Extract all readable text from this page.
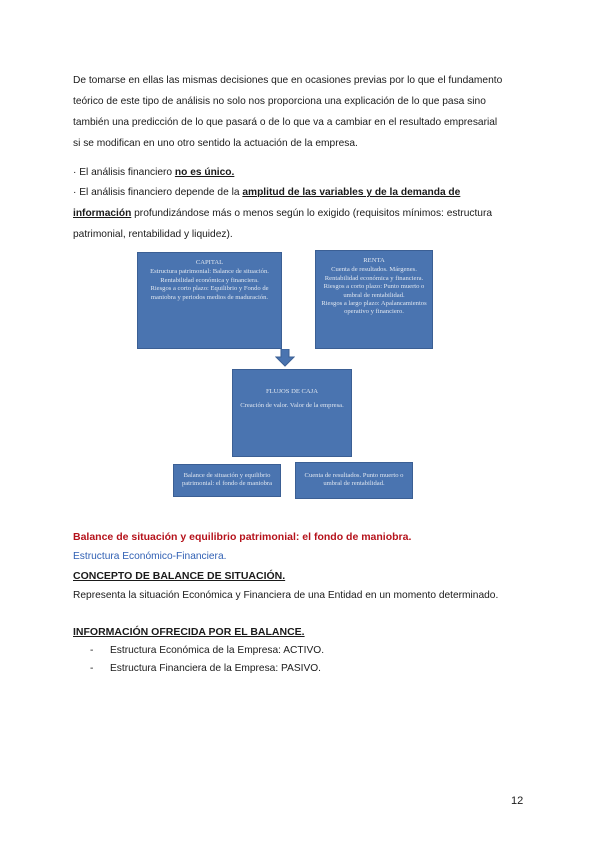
De tomarse en ellas las mismas decisiones que en ocasiones previas por lo que el fundamento
teórico de este tipo de análisis no solo nos proporciona una explicación de lo que pasa sino
también una predicción de lo que pasará o de lo que va a cambiar en el resultado empresarial
si se modifican en uno otro sentido la actuación de la empresa.
· El análisis financiero no es único.
· El análisis financiero depende de la amplitud de las variables y de la demanda de
información profundizándose más o menos según lo exigido (requisitos mínimos: estructura
patrimonial, rentabilidad y liquidez).
CAPITAL
Estructura patrimonial: Balance de situación.
Rentabilidad económica y financiera.
Riesgos a corto plazo: Equilibrio y Fondo de maniobra y periodos medios de maduración.
RENTA
Cuenta de resultados. Márgenes.
Rentabilidad económica y financiera.
Riesgos a corto plazo: Punto muerto o umbral de rentabilidad.
Riesgos a largo plazo: Apalancamientos operativo y financiero.
FLUJOS DE CAJA
Creación de valor. Valor de la empresa.
Balance de situación y equilibrio patrimonial: el fondo de maniobra
Cuenta de resultados. Punto muerto o umbral de rentabilidad.
Balance de situación y equilibrio patrimonial: el fondo de maniobra.
Estructura Económico-Financiera.
CONCEPTO DE BALANCE DE SITUACIÓN.
Representa la situación Económica y Financiera de una Entidad en un momento determinado.
INFORMACIÓN OFRECIDA POR EL BALANCE.
- Estructura Económica de la Empresa: ACTIVO.
- Estructura Financiera de la Empresa: PASIVO.
12
